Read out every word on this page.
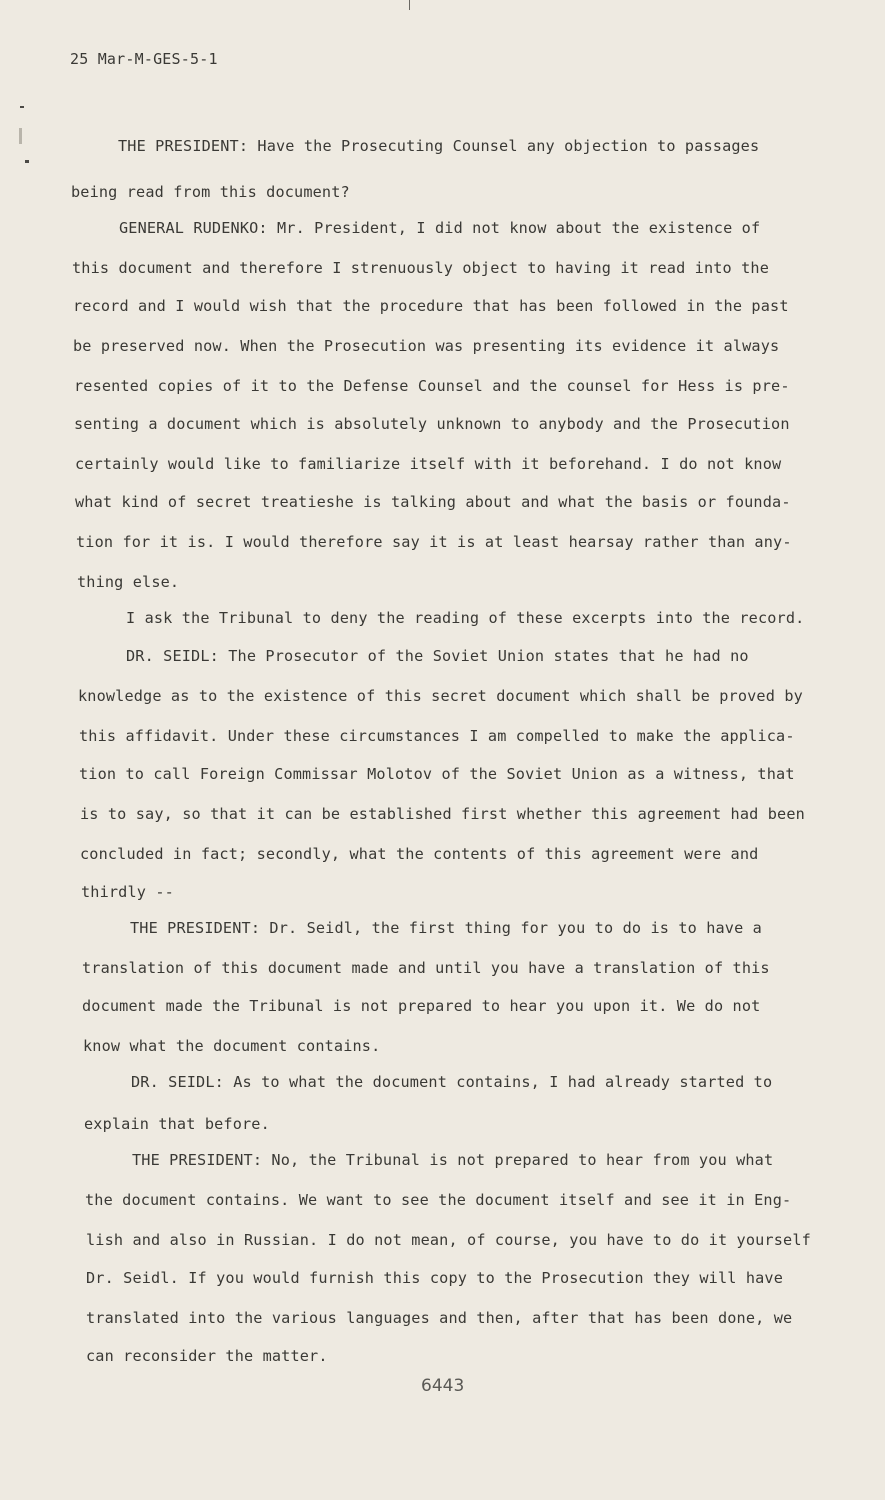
25 Mar-M-GES-5-1
THE PRESIDENT: Have the Prosecuting Counsel any objection to passages
being read from this document?
GENERAL RUDENKO: Mr. President, I did not know about the existence of
this document and therefore I strenuously object to having it read into the
record and I would wish that the procedure that has been followed in the past
be preserved now. When the Prosecution was presenting its evidence it always
resented copies of it to the Defense Counsel and the counsel for Hess is pre-
senting a document which is absolutely unknown to anybody and the Prosecution
certainly would like to familiarize itself with it beforehand. I do not know
what kind of secret treatieshe is talking about and what the basis or founda-
tion for it is. I would therefore say it is at least hearsay rather than any-
thing else.
I ask the Tribunal to deny the reading of these excerpts into the record.
DR. SEIDL: The Prosecutor of the Soviet Union states that he had no
knowledge as to the existence of this secret document which shall be proved by
this affidavit. Under these circumstances I am compelled to make the applica-
tion to call Foreign Commissar Molotov of the Soviet Union as a witness, that
is to say, so that it can be established first whether this agreement had been
concluded in fact; secondly, what the contents of this agreement were and
thirdly --
THE PRESIDENT: Dr. Seidl, the first thing for you to do is to have a
translation of this document made and until you have a translation of this
document made the Tribunal is not prepared to hear you upon it. We do not
know what the document contains.
DR. SEIDL: As to what the document contains, I had already started to
explain that before.
THE PRESIDENT: No, the Tribunal is not prepared to hear from you what
the document contains. We want to see the document itself and see it in Eng-
lish and also in Russian. I do not mean, of course, you have to do it yourself
Dr. Seidl. If you would furnish this copy to the Prosecution they will have
translated into the various languages and then, after that has been done, we
can reconsider the matter.
6443
